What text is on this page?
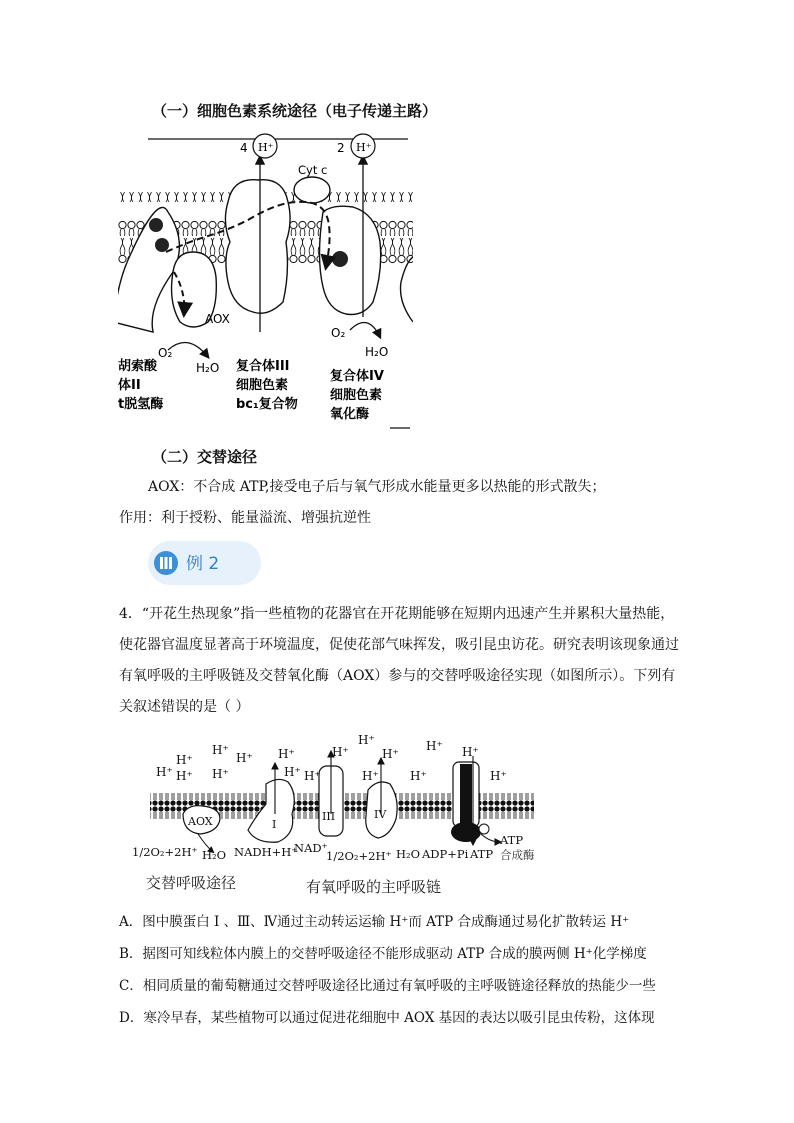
（一）细胞色素系统途径（电子传递主路）
4 H⁺	2 H⁺
Cyt c
AOX
O₂
H₂O
O₂
H₂O
胡索酸
体II
t脱氢酶
复合体III
细胞色素
bc₁复合物
复合体IV
细胞色素
氧化酶
（二）交替途径
AOX：不合成 ATP,接受电子后与氧气形成水能量更多以热能的形式散失；
作用：利于授粉、能量溢流、增强抗逆性
例 2
4．“开花生热现象”指一些植物的花器官在开花期能够在短期内迅速产生并累积大量热能，
使花器官温度显著高于环境温度，促使花部气味挥发，吸引昆虫访花。研究表明该现象通过
有氧呼吸的主呼吸链及交替氧化酶（AOX）参与的交替呼吸途径实现（如图所示）。下列有
关叙述错误的是（ ）
H⁺
H⁺
H⁺
H⁺
H⁺
H⁺ H⁺
H⁺ H⁺
H⁺
H⁺
H⁺
H⁺
H⁺
H⁺ H⁺
H⁺
AOX	I
III	IV
1/2O₂+2H⁺ H₂O NADH+H⁺
NAD⁺
1/2O₂+2H⁺ H₂O ADP+Pi ATP
ATP
合成酶
交替呼吸途径	有氧呼吸的主呼吸链
A．图中膜蛋白 I 、Ⅲ、Ⅳ通过主动转运运输 H⁺而 ATP 合成酶通过易化扩散转运 H⁺
B．据图可知线粒体内膜上的交替呼吸途径不能形成驱动 ATP 合成的膜两侧 H⁺化学梯度
C．相同质量的葡萄糖通过交替呼吸途径比通过有氧呼吸的主呼吸链途径释放的热能少一些
D．寒冷早春，某些植物可以通过促进花细胞中 AOX 基因的表达以吸引昆虫传粉，这体现
